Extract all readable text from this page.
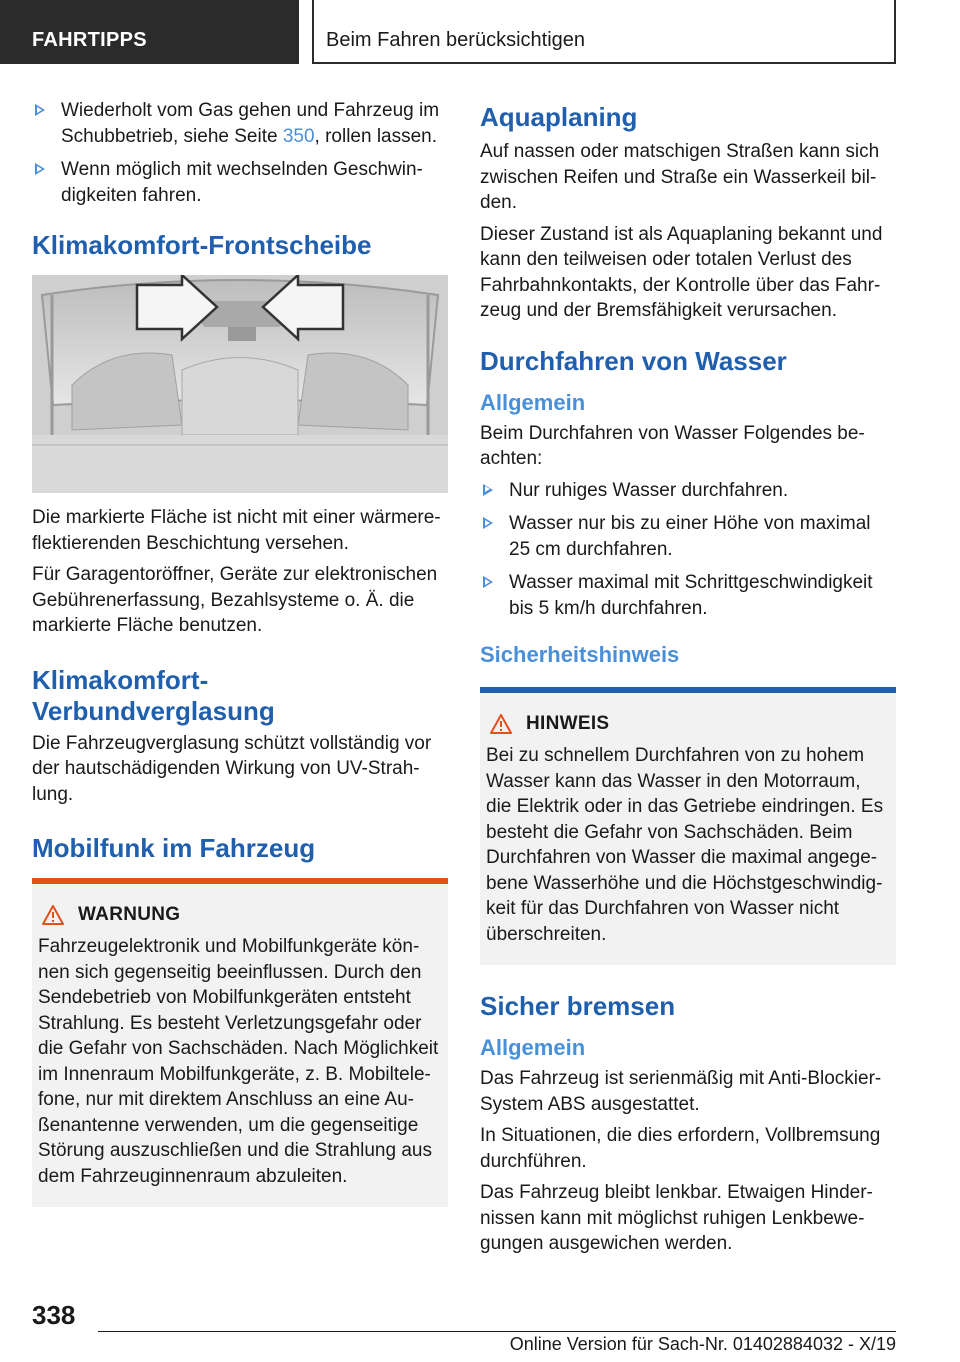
FAHRTIPPS	Beim Fahren berücksichtigen
Wiederholt vom Gas gehen und Fahrzeug im Schubbetrieb, siehe Seite 350, rollen lassen.
Wenn möglich mit wechselnden Geschwin-digkeiten fahren.
Klimakomfort-Frontscheibe

Die markierte Fläche ist nicht mit einer wärmere-flektierenden Beschichtung versehen.

Für Garagentoröffner, Geräte zur elektronischen Gebührenerfassung, Bezahlsysteme o. Ä. die markierte Fläche benutzen.

Klimakomfort-
Verbundverglasung

Die Fahrzeugverglasung schützt vollständig vor der hautschädigenden Wirkung von UV-Strah-lung.

Mobilfunk im Fahrzeug
WARNUNG
Fahrzeugelektronik und Mobilfunkgeräte kön-nen sich gegenseitig beeinflussen. Durch den Sendebetrieb von Mobilfunkgeräten entsteht Strahlung. Es besteht Verletzungsgefahr oder die Gefahr von Sachschäden. Nach Möglichkeit im Innenraum Mobilfunkgeräte, z. B. Mobiltele-fone, nur mit direktem Anschluss an eine Au-ßenantenne verwenden, um die gegenseitige Störung auszuschließen und die Strahlung aus dem Fahrzeuginnenraum abzuleiten.
Aquaplaning

Auf nassen oder matschigen Straßen kann sich zwischen Reifen und Straße ein Wasserkeil bil-den.

Dieser Zustand ist als Aquaplaning bekannt und kann den teilweisen oder totalen Verlust des Fahrbahnkontakts, der Kontrolle über das Fahr-zeug und der Bremsfähigkeit verursachen.

Durchfahren von Wasser
Allgemein

Beim Durchfahren von Wasser Folgendes be-achten:

Nur ruhiges Wasser durchfahren.
Wasser nur bis zu einer Höhe von maximal 25 cm durchfahren.
Wasser maximal mit Schrittgeschwindigkeit bis 5 km/h durchfahren.
Sicherheitshinweis
HINWEIS
Bei zu schnellem Durchfahren von zu hohem Wasser kann das Wasser in den Motorraum, die Elektrik oder in das Getriebe eindringen. Es besteht die Gefahr von Sachschäden. Beim Durchfahren von Wasser die maximal angege-bene Wasserhöhe und die Höchstgeschwindig-keit für das Durchfahren von Wasser nicht überschreiten.
Sicher bremsen
Allgemein

Das Fahrzeug ist serienmäßig mit Anti-Blockier-System ABS ausgestattet.

In Situationen, die dies erfordern, Vollbremsung durchführen.

Das Fahrzeug bleibt lenkbar. Etwaigen Hinder-nissen kann mit möglichst ruhigen Lenkbewe-gungen ausgewichen werden.

338
Online Version für Sach-Nr. 01402884032 - X/19
